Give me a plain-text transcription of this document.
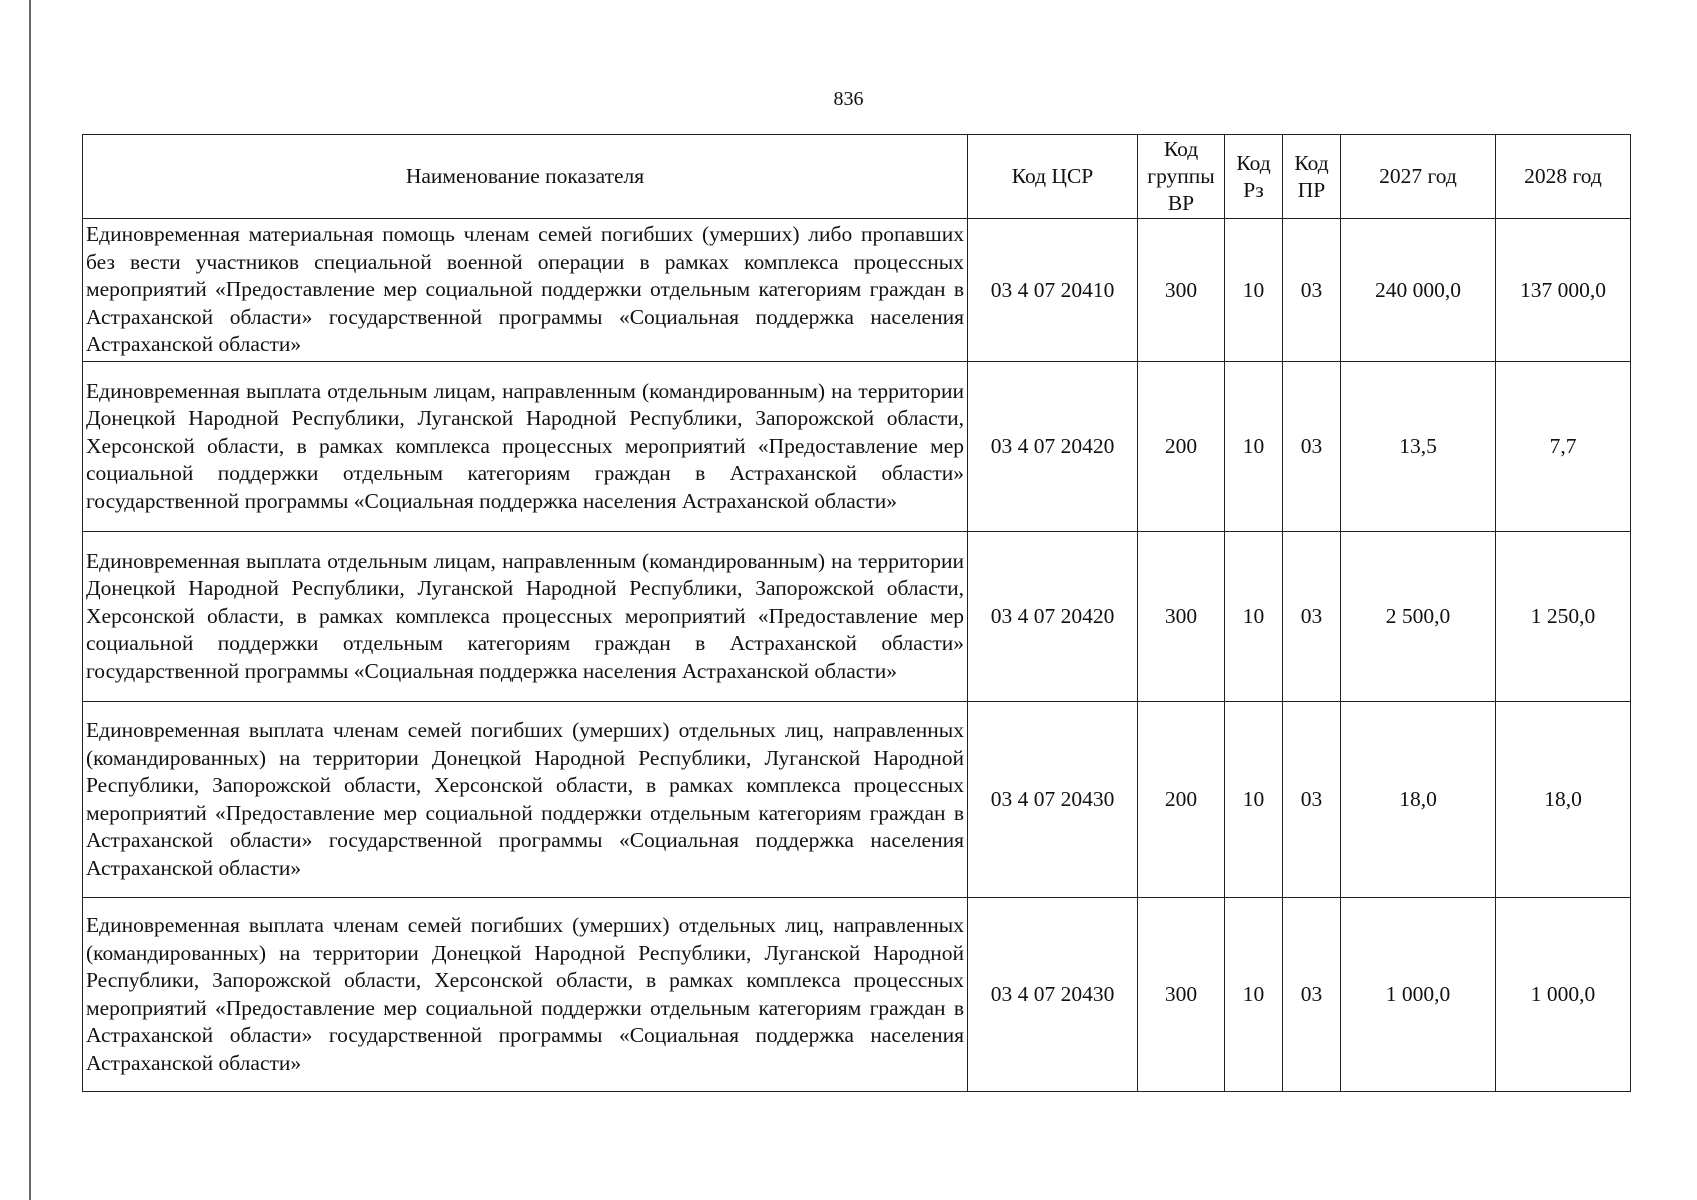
836
Наименование показателя	Код ЦСР	Код группы ВР	Код Рз	Код ПР	2027 год	2028 год
Единовременная материальная помощь членам семей погибших (умерших) либо пропавших без вести участников специальной военной операции в рамках комплекса процессных мероприятий «Предоставление мер социальной поддержки отдельным категориям граждан в Астраханской области» государственной программы «Социальная поддержка населения Астраханской области»	03 4 07 20410	300	10	03	240 000,0	137 000,0
Единовременная выплата отдельным лицам, направленным (командированным) на территории Донецкой Народной Республики, Луганской Народной Республики, Запорожской области, Херсонской области, в рамках комплекса процессных мероприятий «Предоставление мер социальной поддержки отдельным категориям граждан в Астраханской области» государственной программы «Социальная поддержка населения Астраханской области»	03 4 07 20420	200	10	03	13,5	7,7
Единовременная выплата отдельным лицам, направленным (командированным) на территории Донецкой Народной Республики, Луганской Народной Республики, Запорожской области, Херсонской области, в рамках комплекса процессных мероприятий «Предоставление мер социальной поддержки отдельным категориям граждан в Астраханской области» государственной программы «Социальная поддержка населения Астраханской области»	03 4 07 20420	300	10	03	2 500,0	1 250,0
Единовременная выплата членам семей погибших (умерших) отдельных лиц, направленных (командированных) на территории Донецкой Народной Республики, Луганской Народной Республики, Запорожской области, Херсонской области, в рамках комплекса процессных мероприятий «Предоставление мер социальной поддержки отдельным категориям граждан в Астраханской области» государственной программы «Социальная поддержка населения Астраханской области»	03 4 07 20430	200	10	03	18,0	18,0
Единовременная выплата членам семей погибших (умерших) отдельных лиц, направленных (командированных) на территории Донецкой Народной Республики, Луганской Народной Республики, Запорожской области, Херсонской области, в рамках комплекса процессных мероприятий «Предоставление мер социальной поддержки отдельным категориям граждан в Астраханской области» государственной программы «Социальная поддержка населения Астраханской области»	03 4 07 20430	300	10	03	1 000,0	1 000,0
